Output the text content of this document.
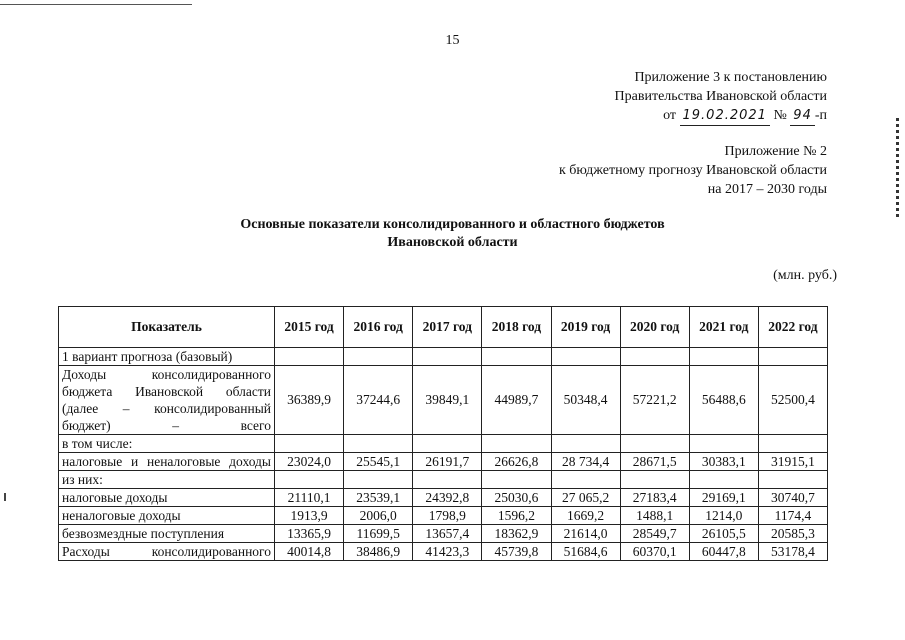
15
Приложение 3 к постановлению
Правительства Ивановской области
от 19.02.2021 № 94 -п
Приложение № 2
к бюджетному прогнозу Ивановской области
на 2017 – 2030 годы
Основные показатели консолидированного и областного бюджетов
Ивановской области
(млн. руб.)
Показатель	2015 год	2016 год	2017 год	2018 год	2019 год	2020 год	2021 год	2022 год
1 вариант прогноза (базовый)								
Доходы консолидированного бюджета Ивановской области (далее – консолидированный бюджет) – всего	36389,9	37244,6	39849,1	44989,7	50348,4	57221,2	56488,6	52500,4
в том числе:								
налоговые и неналоговые доходы	23024,0	25545,1	26191,7	26626,8	28 734,4	28671,5	30383,1	31915,1
из них:								
налоговые доходы	21110,1	23539,1	24392,8	25030,6	27 065,2	27183,4	29169,1	30740,7
неналоговые доходы	1913,9	2006,0	1798,9	1596,2	1669,2	1488,1	1214,0	1174,4
безвозмездные поступления	13365,9	11699,5	13657,4	18362,9	21614,0	28549,7	26105,5	20585,3
Расходы консолидированного	40014,8	38486,9	41423,3	45739,8	51684,6	60370,1	60447,8	53178,4
